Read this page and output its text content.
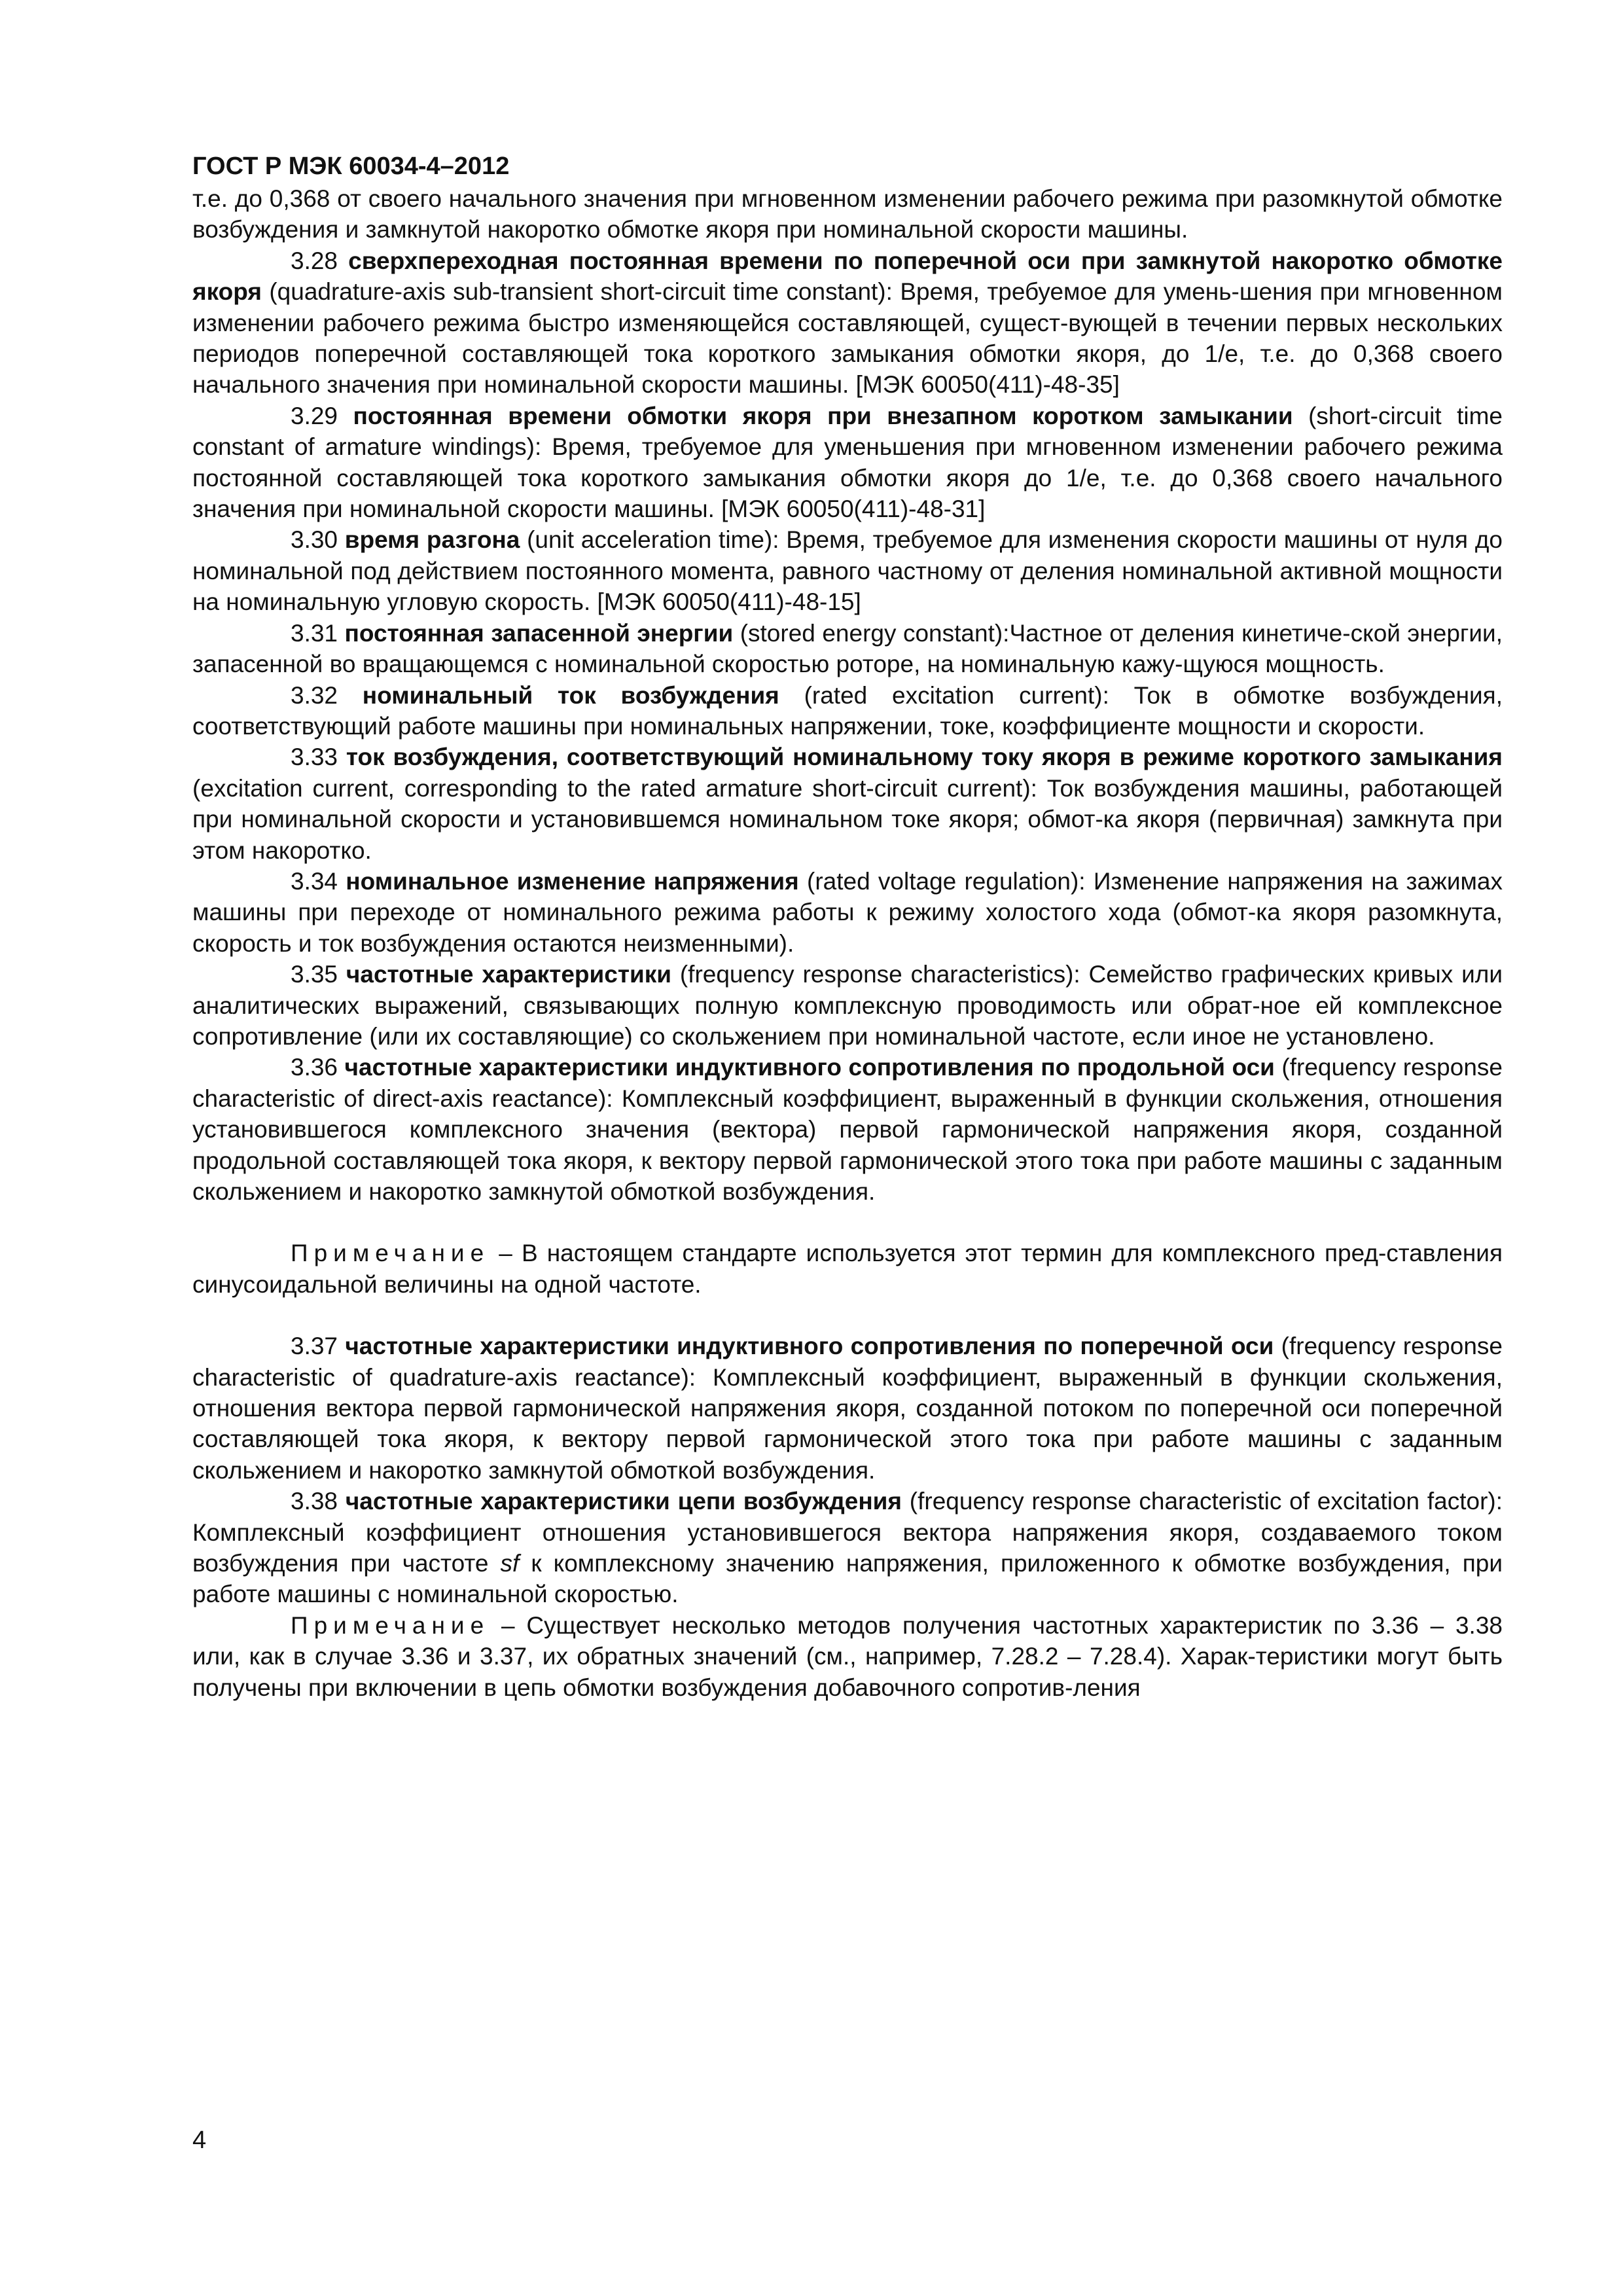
ГОСТ Р МЭК 60034-4–2012

т.е. до 0,368 от своего начального значения при мгновенном изменении рабочего режима при разомкнутой обмотке возбуждения и замкнутой накоротко обмотке якоря при номинальной скорости машины.

3.28 сверхпереходная постоянная времени по поперечной оси при замкнутой накоротко обмотке якоря (quadrature-axis sub-transient short-circuit time constant): Время, требуемое для умень-шения при мгновенном изменении рабочего режима быстро изменяющейся составляющей, сущест-вующей в течении первых нескольких периодов поперечной составляющей тока короткого замыкания обмотки якоря, до 1/e, т.е. до 0,368 своего начального значения при номинальной скорости машины. [МЭК 60050(411)-48-35]

3.29 постоянная времени обмотки якоря при внезапном коротком замыкании (short-circuit time constant of armature windings): Время, требуемое для уменьшения при мгновенном изменении рабочего режима постоянной составляющей тока короткого замыкания обмотки якоря до 1/e, т.е. до 0,368 своего начального значения при номинальной скорости машины. [МЭК 60050(411)-48-31]

3.30 время разгона (unit acceleration time): Время, требуемое для изменения скорости машины от нуля до номинальной под действием постоянного момента, равного частному от деления номинальной активной мощности на номинальную угловую скорость. [МЭК 60050(411)-48-15]

3.31 постоянная запасенной энергии (stored energy constant):Частное от деления кинетиче-ской энергии, запасенной во вращающемся с номинальной скоростью роторе, на номинальную кажу-щуюся мощность.

3.32 номинальный ток возбуждения (rated excitation current): Ток в обмотке возбуждения, соответствующий работе машины при номинальных напряжении, токе, коэффициенте мощности и скорости.

3.33 ток возбуждения, соответствующий номинальному току якоря в режиме короткого замыкания (excitation current, corresponding to the rated armature short-circuit current): Ток возбуждения машины, работающей при номинальной скорости и установившемся номинальном токе якоря; обмот-ка якоря (первичная) замкнута при этом накоротко.

3.34 номинальное изменение напряжения (rated voltage regulation): Изменение напряжения на зажимах машины при переходе от номинального режима работы к режиму холостого хода (обмот-ка якоря разомкнута, скорость и ток возбуждения остаются неизменными).

3.35 частотные характеристики (frequency response characteristics): Семейство графических кривых или аналитических выражений, связывающих полную комплексную проводимость или обрат-ное ей комплексное сопротивление (или их составляющие) со скольжением при номинальной частоте, если иное не установлено.

3.36 частотные характеристики индуктивного сопротивления по продольной оси (frequency response characteristic of direct-axis reactance): Комплексный коэффициент, выраженный в функции скольжения, отношения установившегося комплексного значения (вектора) первой гармонической напряжения якоря, созданной продольной составляющей тока якоря, к вектору первой гармонической этого тока при работе машины с заданным скольжением и накоротко замкнутой обмоткой возбуждения.

Примечание – В настоящем стандарте используется этот термин для комплексного пред-ставления синусоидальной величины на одной частоте.

3.37 частотные характеристики индуктивного сопротивления по поперечной оси (frequency response characteristic of quadrature-axis reactance): Комплексный коэффициент, выраженный в функции скольжения, отношения вектора первой гармонической напряжения якоря, созданной потоком по поперечной оси поперечной составляющей тока якоря, к вектору первой гармонической этого тока при работе машины с заданным скольжением и накоротко замкнутой обмоткой возбуждения.

3.38 частотные характеристики цепи возбуждения (frequency response characteristic of excitation factor): Комплексный коэффициент отношения установившегося вектора напряжения якоря, создаваемого током возбуждения при частоте sf к комплексному значению напряжения, приложенного к обмотке возбуждения, при работе машины с номинальной скоростью.

Примечание – Существует несколько методов получения частотных характеристик по 3.36 – 3.38 или, как в случае 3.36 и 3.37, их обратных значений (см., например, 7.28.2 – 7.28.4). Харак-теристики могут быть получены при включении в цепь обмотки возбуждения добавочного сопротив-ления

4
